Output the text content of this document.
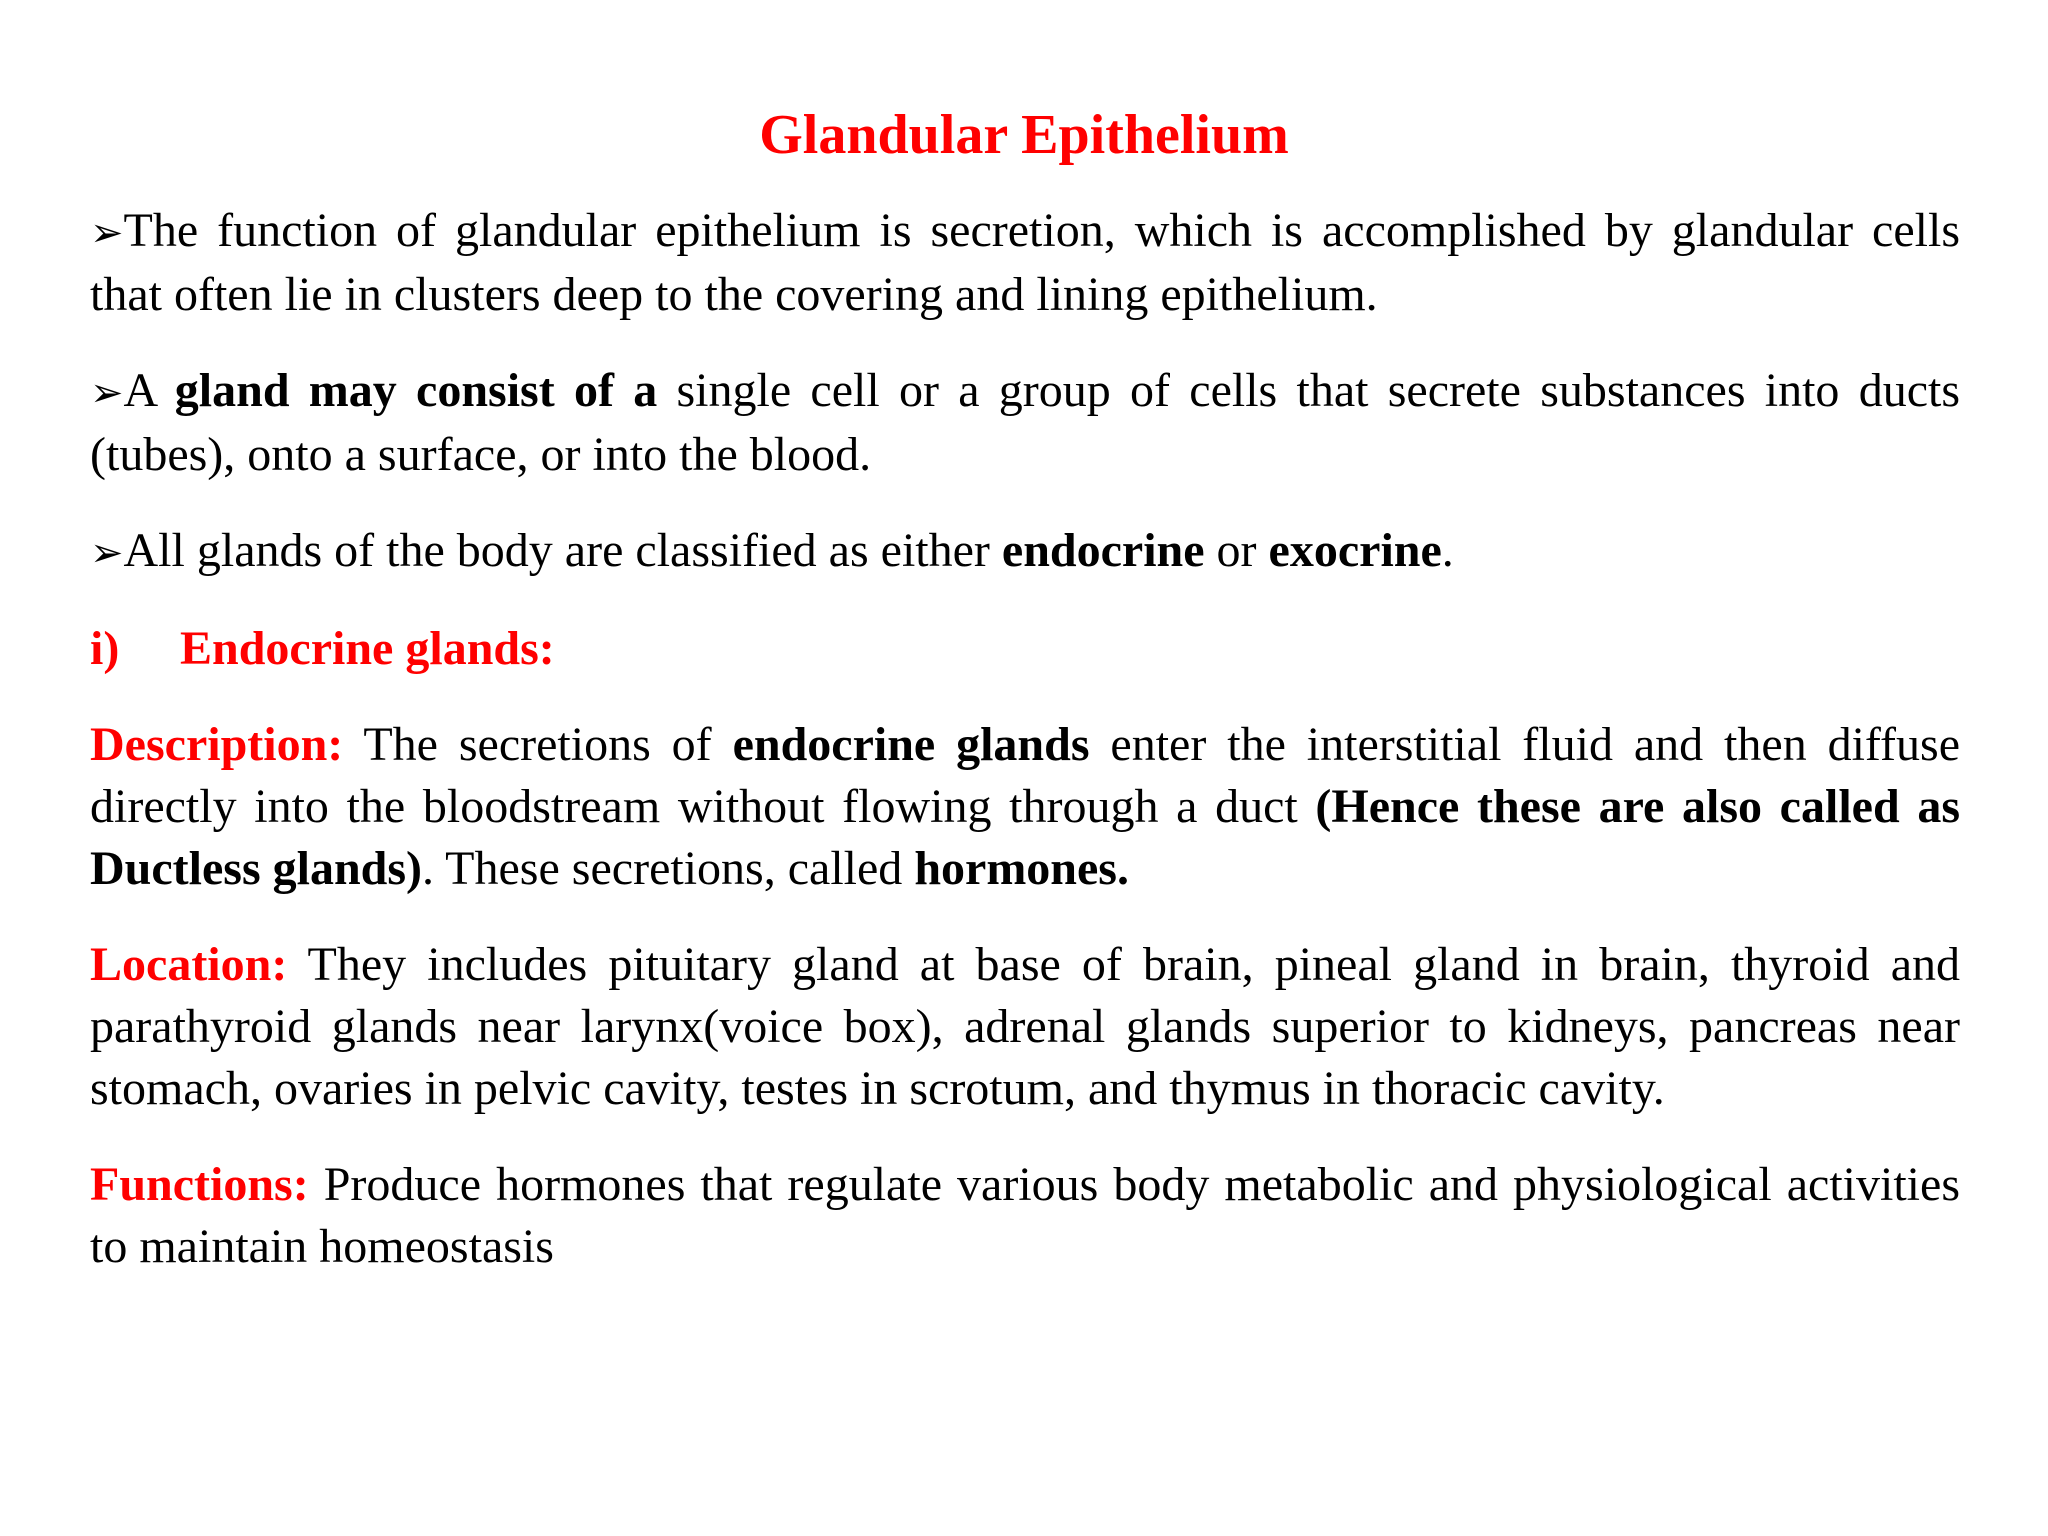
Glandular Epithelium

➢The function of glandular epithelium is secretion, which is accomplished by glandular cells that often lie in clusters deep to the covering and lining epithelium.

➢A gland may consist of a single cell or a group of cells that secrete substances into ducts (tubes), onto a surface, or into the blood.

➢All glands of the body are classified as either endocrine or exocrine.

i) Endocrine glands:

Description: The secretions of endocrine glands enter the interstitial fluid and then diffuse directly into the bloodstream without flowing through a duct (Hence these are also called as Ductless glands). These secretions, called hormones.

Location: They includes pituitary gland at base of brain, pineal gland in brain, thyroid and parathyroid glands near larynx(voice box), adrenal glands superior to kidneys, pancreas near stomach, ovaries in pelvic cavity, testes in scrotum, and thymus in thoracic cavity.

Functions: Produce hormones that regulate various body metabolic and physiological activities to maintain homeostasis
